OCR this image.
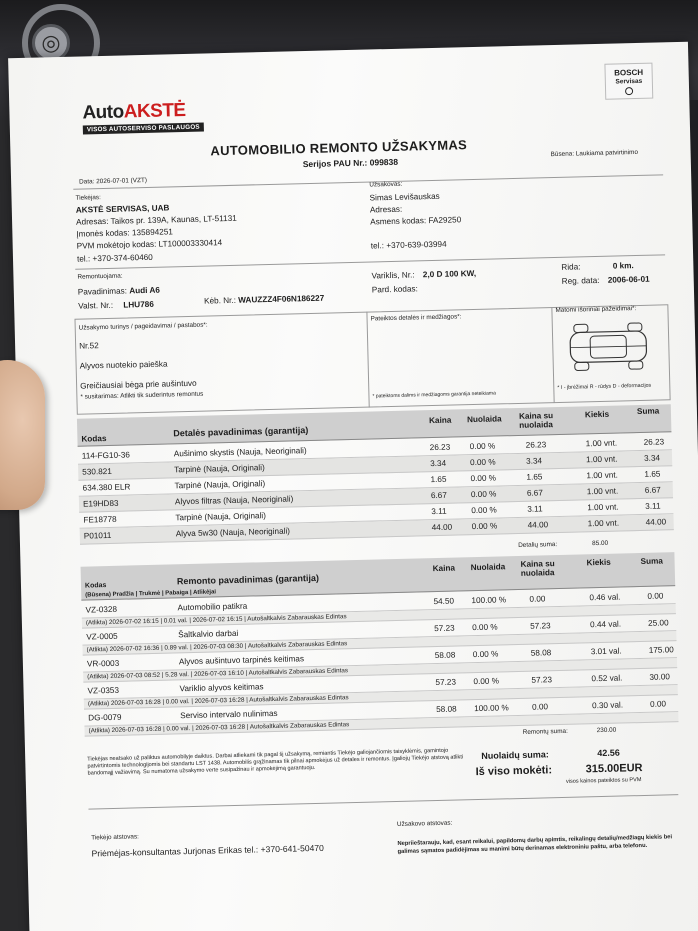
◎
AutoAKSTĖ
VISOS AUTOSERVISO PASLAUGOS
BOSCH
Servisas
AUTOMOBILIO REMONTO UŽSAKYMAS
Serijos PAU Nr.: 099838
Data: 2026-07-01 (VZT)
Būsena: Laukiama patvirtinimo
Tiekėjas:
AKSTĖ SERVISAS, UAB
Adresas: Taikos pr. 139A, Kaunas, LT-51131
Įmonės kodas: 135894251
PVM mokėtojo kodas: LT100003330414
tel.: +370-374-60460
Užsakovas:
Simas Levišauskas
Adresas:
Asmens kodas: FA29250
tel.: +370-639-03994
Remontuojama:
Pavadinimas: Audi A6
Valst. Nr.: LHU786	Kėb. Nr.: WAUZZZ4F06N186227
Variklis, Nr.: 2,0 D 100 KW,
Pard. kodas:
Rida:	0 km.
Reg. data: 2006-06-01
Užsakymo turinys / pageidavimai / pastabos*:
Nr.52
Alyvos nuotekio paieška
Greičiausiai bėga prie aušintuvo
* susitarimas: Atlikti tik suderintus remontus
Pateiktos detalės ir medžiagos*:
* pateiktoms dalims ir medžiagoms garantija neteikiama
Matomi išoriniai pažeidimai*:
* I - įbrėžimai R - rūdys D - deformacijos
Kodas
Detalės pavadinimas (garantija)
Kaina Nuolaida Kaina su nuolaida
Kiekis	Suma
114-FG10-36	Aušinimo skystis (Nauja, Neoriginali)	26.23 0.00 %	26.23	1.00 vnt.	26.23
530.821	Tarpinė (Nauja, Originali)	3.34	0.00 %	3.34	1.00 vnt.	3.34
634.380 ELR	Tarpinė (Nauja, Originali)	1.65	0.00 %	1.65	1.00 vnt.	1.65
E19HD83	Alyvos filtras (Nauja, Neoriginali)	6.67	0.00 %	6.67	1.00 vnt.	6.67
FE18778	Tarpinė (Nauja, Originali)	3.11	0.00 %	3.11	1.00 vnt.	3.11
P01011	Alyva 5w30 (Nauja, Neoriginali)	44.00 0.00 %	44.00	1.00 vnt.	44.00
Detalių suma:	85.00
Kodas	Remonto pavadinimas (garantija)
Kaina Nuolaida Kaina su nuolaida
Kiekis	Suma
(Būsena) Pradžia | Trukmė | Pabaiga | Atlikėjai
VZ-0328	Automobilio patikra
54.50 100.00 %	0.00	0.46 val.	0.00
(Atlikta) 2026-07-02 16:15 | 0.01 val. | 2026-07-02 16:15 | Autošaltkalvis Zabarauskas Edintas
VZ-0005	Šaltkalvio darbai
57.23 0.00 %	57.23	0.44 val.	25.00
(Atlikta) 2026-07-02 16:36 | 0.89 val. | 2026-07-03 08:30 | Autošaltkalvis Zabarauskas Edintas
VR-0003	Alyvos aušintuvo tarpinės keitimas	58.08 0.00 %	58.08	3.01 val.	175.00
(Atlikta) 2026-07-03 08:52 | 5.28 val. | 2026-07-03 16:10 | Autošaltkalvis Zabarauskas Edintas
VZ-0353	Variklio alyvos keitimas	57.23 0.00 %	57.23	0.52 val.	30.00
(Atlikta) 2026-07-03 16:28 | 0.00 val. | 2026-07-03 16:28 | Autošaltkalvis Zabarauskas Edintas
DG-0079	Serviso intervalo nulinimas	58.08 100.00 %	0.00	0.30 val.	0.00
(Atlikta) 2026-07-03 16:28 | 0.00 val. | 2026-07-03 16:28 | Autošaltkalvis Zabarauskas Edintas	Remontų suma:	230.00
Tiekėjas neatsako už paliktus automobilyje daiktus. Darbai atliekami tik pagal šį užsakymą, remiantis Tiekėjo galiojančiomis taisyklėmis, gamintojo patvirtintomis technologijomis bei standartu LST 1438. Automobilis grąžinamas tik pilnai apmokėjus už detales ir remontus. Įgaliojų Tiekėjo atstovą atlikti bandomąjį važiavimą. Su numatoma užsakymo verte susipažinau ir apmokėjimą garantuoju.
Nuolaidų suma:	42.56
Iš viso mokėti:	315.00EUR
visos kainos pateiktos su PVM
Tiekėjo atstovas:
Priėmėjas-konsultantas Jurjonas Erikas tel.: +370-641-50470
Užsakovo atstovas:
Nepriieštarauju, kad, esant reikalui, papildomų darbų apimtis, reikalingų detalių/medžiagų kiekis bei galimas sąmatos padidėjimas su manimi būtų derinamas elektroniniu paštu, arba telefonu.
